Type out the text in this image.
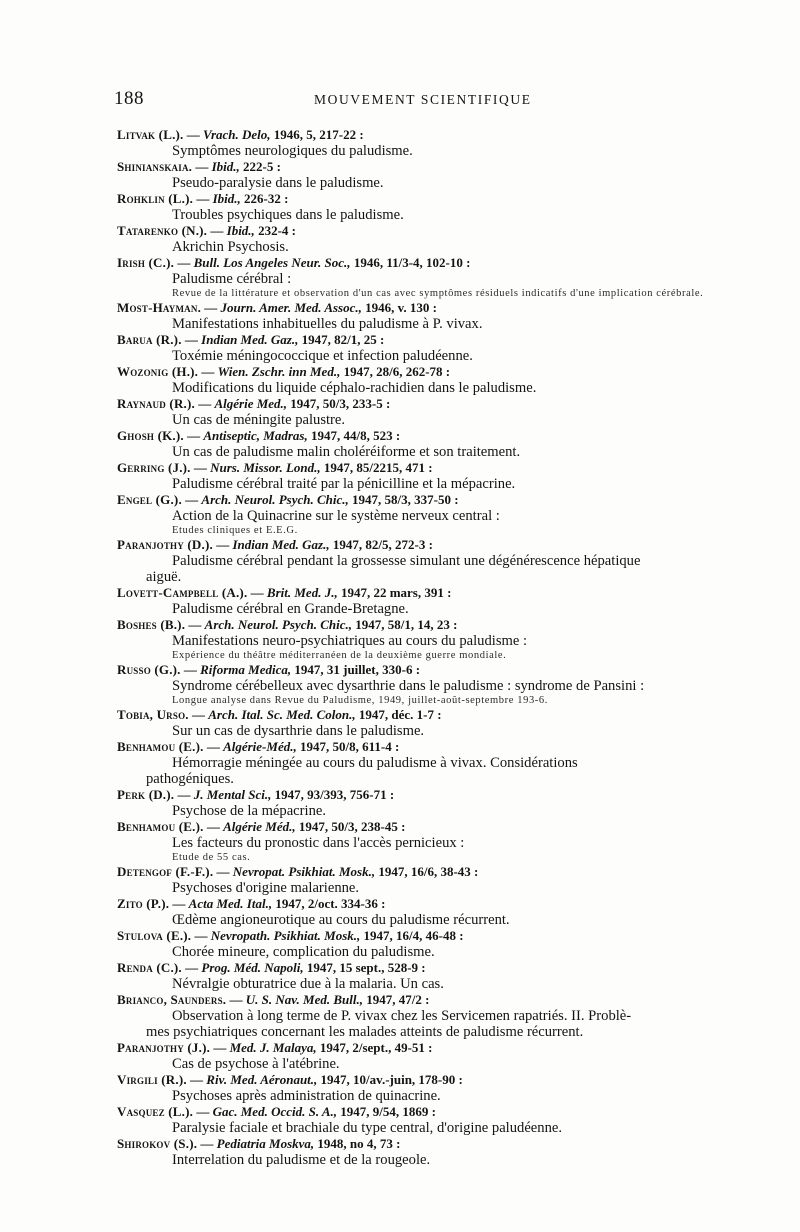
188	MOUVEMENT SCIENTIFIQUE
Litvak (L.). — Vrach. Delo, 1946, 5, 217-22 :
Symptômes neurologiques du paludisme.
Shinianskaia. — Ibid., 222-5 :
Pseudo-paralysie dans le paludisme.
Rohklin (L.). — Ibid., 226-32 :
Troubles psychiques dans le paludisme.
Tatarenko (N.). — Ibid., 232-4 :
Akrichin Psychosis.
Irish (C.). — Bull. Los Angeles Neur. Soc., 1946, 11/3-4, 102-10 :
Paludisme cérébral :
Revue de la littérature et observation d'un cas avec symptômes résiduels indicatifs d'une implication cérébrale.
Most-Hayman. — Journ. Amer. Med. Assoc., 1946, v. 130 :
Manifestations inhabituelles du paludisme à P. vivax.
Barua (R.). — Indian Med. Gaz., 1947, 82/1, 25 :
Toxémie méningococcique et infection paludéenne.
Wozonig (H.). — Wien. Zschr. inn Med., 1947, 28/6, 262-78 :
Modifications du liquide céphalo-rachidien dans le paludisme.
Raynaud (R.). — Algérie Med., 1947, 50/3, 233-5 :
Un cas de méningite palustre.
Ghosh (K.). — Antiseptic, Madras, 1947, 44/8, 523 :
Un cas de paludisme malin choléréiforme et son traitement.
Gerring (J.). — Nurs. Missor. Lond., 1947, 85/2215, 471 :
Paludisme cérébral traité par la pénicilline et la mépacrine.
Engel (G.). — Arch. Neurol. Psych. Chic., 1947, 58/3, 337-50 :
Action de la Quinacrine sur le système nerveux central :
Etudes cliniques et E.E.G.
Paranjothy (D.). — Indian Med. Gaz., 1947, 82/5, 272-3 :
Paludisme cérébral pendant la grossesse simulant une dégénérescence hépatique
aiguë.
Lovett-Campbell (A.). — Brit. Med. J., 1947, 22 mars, 391 :
Paludisme cérébral en Grande-Bretagne.
Boshes (B.). — Arch. Neurol. Psych. Chic., 1947, 58/1, 14, 23 :
Manifestations neuro-psychiatriques au cours du paludisme :
Expérience du théâtre méditerranéen de la deuxième guerre mondiale.
Russo (G.). — Riforma Medica, 1947, 31 juillet, 330-6 :
Syndrome cérébelleux avec dysarthrie dans le paludisme : syndrome de Pansini :
Longue analyse dans Revue du Paludisme, 1949, juillet-août-septembre 193-6.
Tobia, Urso. — Arch. Ital. Sc. Med. Colon., 1947, déc. 1-7 :
Sur un cas de dysarthrie dans le paludisme.
Benhamou (E.). — Algérie-Méd., 1947, 50/8, 611-4 :
Hémorragie méningée au cours du paludisme à vivax. Considérations
pathogéniques.
Perk (D.). — J. Mental Sci., 1947, 93/393, 756-71 :
Psychose de la mépacrine.
Benhamou (E.). — Algérie Méd., 1947, 50/3, 238-45 :
Les facteurs du pronostic dans l'accès pernicieux :
Etude de 55 cas.
Detengof (F.-F.). — Nevropat. Psikhiat. Mosk., 1947, 16/6, 38-43 :
Psychoses d'origine malarienne.
Zito (P.). — Acta Med. Ital., 1947, 2/oct. 334-36 :
Œdème angioneurotique au cours du paludisme récurrent.
Stulova (E.). — Nevropath. Psikhiat. Mosk., 1947, 16/4, 46-48 :
Chorée mineure, complication du paludisme.
Renda (C.). — Prog. Méd. Napoli, 1947, 15 sept., 528-9 :
Névralgie obturatrice due à la malaria. Un cas.
Brianco, Saunders. — U. S. Nav. Med. Bull., 1947, 47/2 :
Observation à long terme de P. vivax chez les Servicemen rapatriés. II. Problè-
mes psychiatriques concernant les malades atteints de paludisme récurrent.
Paranjothy (J.). — Med. J. Malaya, 1947, 2/sept., 49-51 :
Cas de psychose à l'atébrine.
Virgili (R.). — Riv. Med. Aéronaut., 1947, 10/av.-juin, 178-90 :
Psychoses après administration de quinacrine.
Vasquez (L.). — Gac. Med. Occid. S. A., 1947, 9/54, 1869 :
Paralysie faciale et brachiale du type central, d'origine paludéenne.
Shirokov (S.). — Pediatria Moskva, 1948, no 4, 73 :
Interrelation du paludisme et de la rougeole.
